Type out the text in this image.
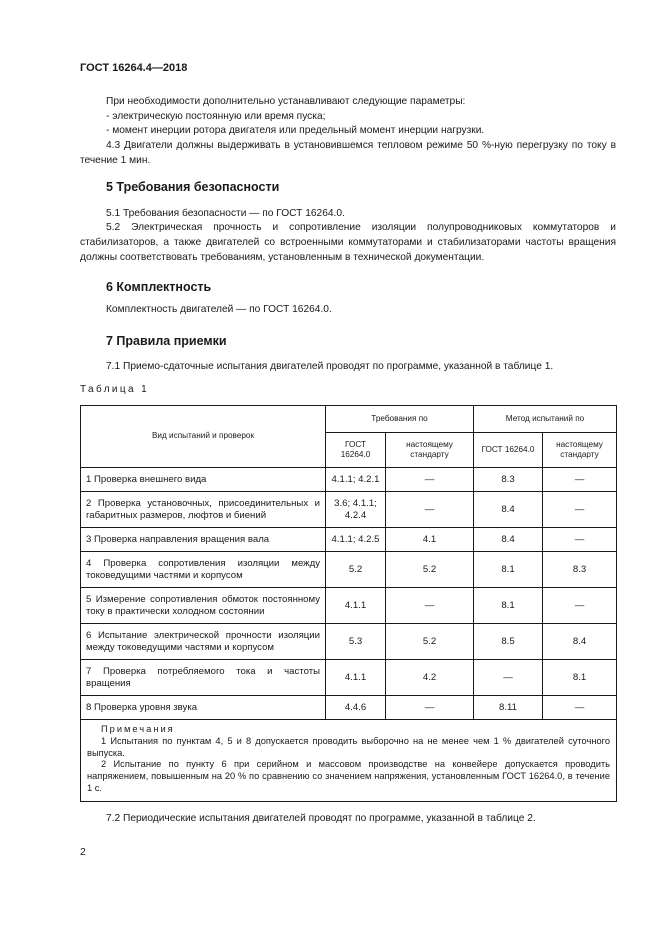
ГОСТ 16264.4—2018
При необходимости дополнительно устанавливают следующие параметры:
- электрическую постоянную или время пуска;
- момент инерции ротора двигателя или предельный момент инерции нагрузки.
4.3 Двигатели должны выдерживать в установившемся тепловом режиме 50 %-ную перегрузку по току в течение 1 мин.
5 Требования безопасности
5.1 Требования безопасности — по ГОСТ 16264.0.
5.2 Электрическая прочность и сопротивление изоляции полупроводниковых коммутаторов и стабилизаторов, а также двигателей со встроенными коммутаторами и стабилизаторами частоты вращения должны соответствовать требованиям, установленным в технической документации.
6 Комплектность
Комплектность двигателей — по ГОСТ 16264.0.
7 Правила приемки
7.1 Приемо-сдаточные испытания двигателей проводят по программе, указанной в таблице 1.
Таблица 1
Вид испытаний и проверок	Требования по		Метод испытаний по	
	ГОСТ 16264.0	настоящему стандарту	ГОСТ 16264.0	настоящему стандарту
1 Проверка внешнего вида	4.1.1; 4.2.1	—	8.3	—
2 Проверка установочных, присоединительных и габаритных размеров, люфтов и биений	3.6; 4.1.1; 4.2.4	—	8.4	—
3 Проверка направления вращения вала	4.1.1; 4.2.5	4.1	8.4	—
4 Проверка сопротивления изоляции между токоведущими частями и корпусом	5.2	5.2	8.1	8.3
5 Измерение сопротивления обмоток постоянному току в практически холодном состоянии	4.1.1	—	8.1	—
6 Испытание электрической прочности изоляции между токоведущими частями и корпусом	5.3	5.2	8.5	8.4
7 Проверка потребляемого тока и частоты вращения	4.1.1	4.2	—	8.1
8 Проверка уровня звука	4.4.6	—	8.11	—

Примечания
1 Испытания по пунктам 4, 5 и 8 допускается проводить выборочно на не менее чем 1 % двигателей суточного выпуска.
2 Испытание по пункту 6 при серийном и массовом производстве на конвейере допускается проводить напряжением, повышенным на 20 % по сравнению со значением напряжения, установленным ГОСТ 16264.0, в течение 1 с.				
7.2 Периодические испытания двигателей проводят по программе, указанной в таблице 2.
2
